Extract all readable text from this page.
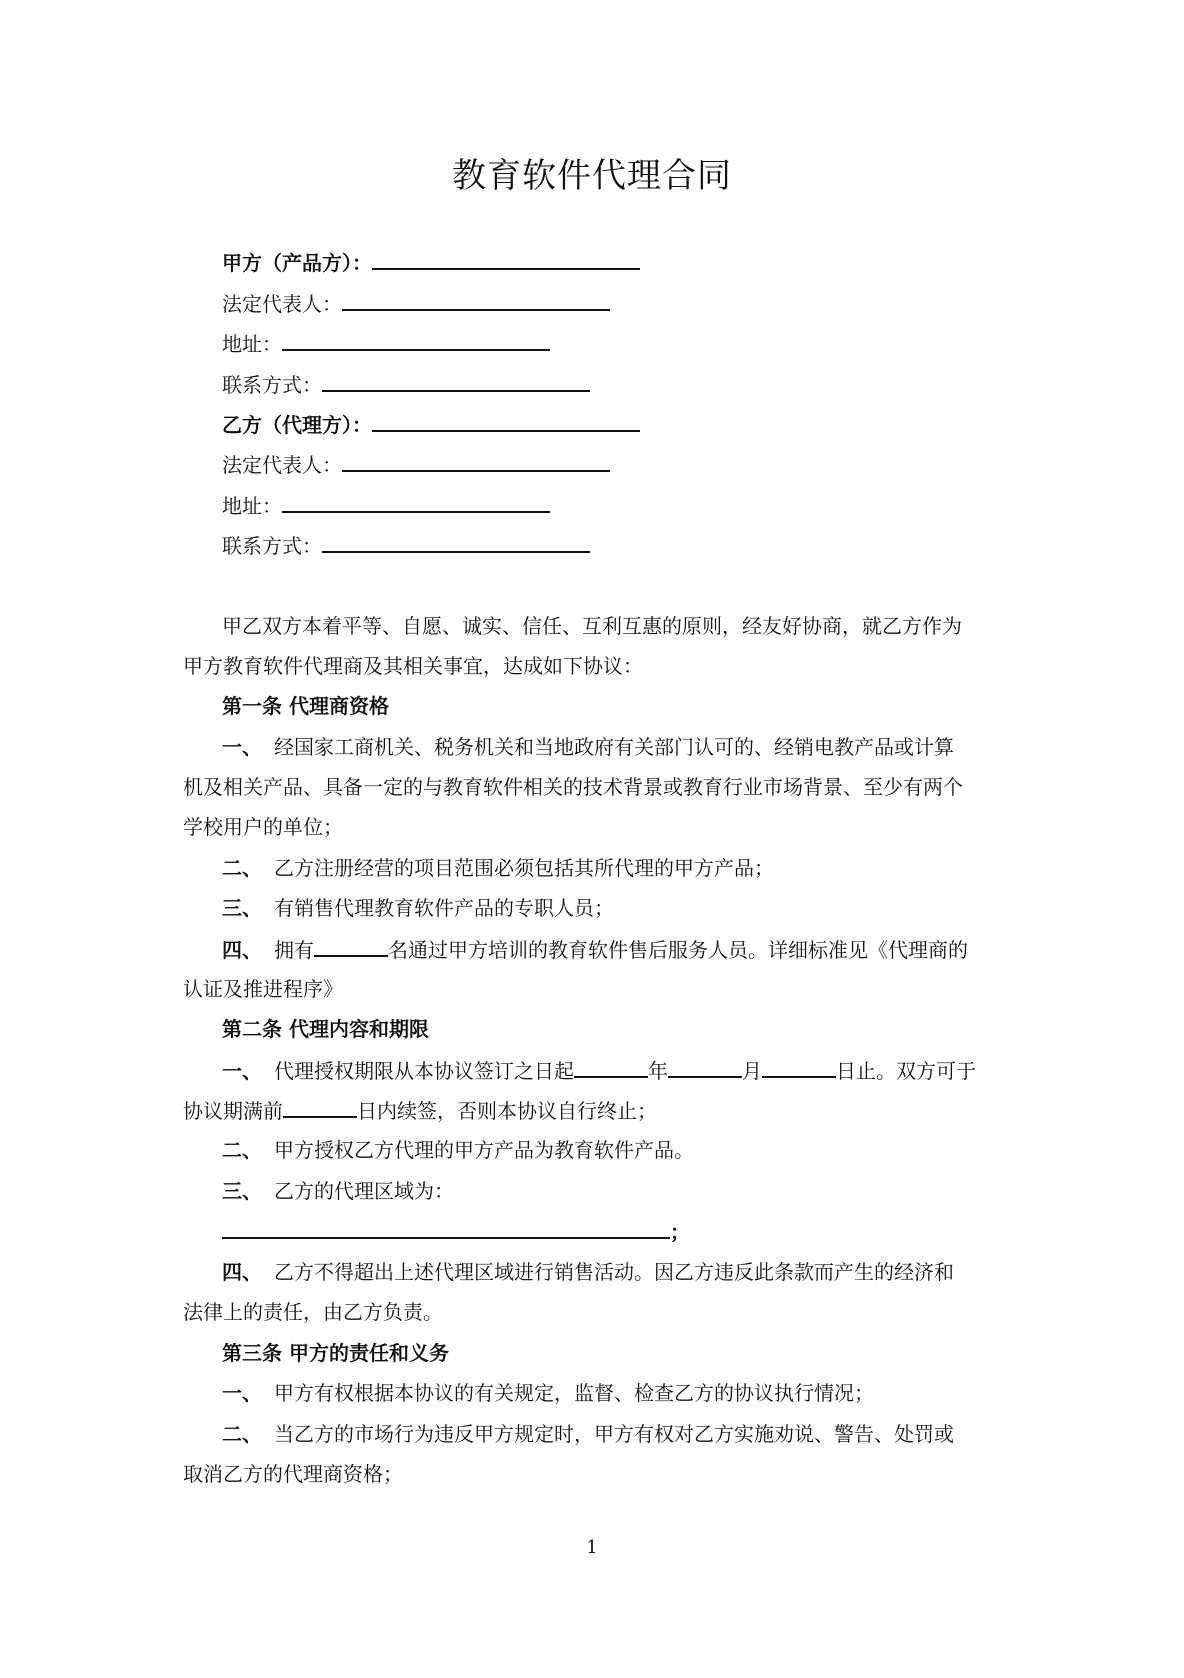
教育软件代理合同
甲方（产品方）：
法定代表人：
地址：
联系方式：
乙方（代理方）：
法定代表人：
地址：
联系方式：
甲乙双方本着平等、自愿、诚实、信任、互利互惠的原则，经友好协商，就乙方作为
甲方教育软件代理商及其相关事宜，达成如下协议：
第一条 代理商资格
一、 经国家工商机关、税务机关和当地政府有关部门认可的、经销电教产品或计算
机及相关产品、具备一定的与教育软件相关的技术背景或教育行业市场背景、至少有两个
学校用户的单位；
二、 乙方注册经营的项目范围必须包括其所代理的甲方产品；
三、 有销售代理教育软件产品的专职人员；
四、 拥有	名通过甲方培训的教育软件售后服务人员。详细标准见《代理商的
认证及推进程序》
第二条 代理内容和期限
一、 代理授权期限从本协议签订之日起	年	月	日止。双方可于
协议期满前	日内续签，否则本协议自行终止；
二、 甲方授权乙方代理的甲方产品为教育软件产品。
三、 乙方的代理区域为：
；
四、 乙方不得超出上述代理区域进行销售活动。因乙方违反此条款而产生的经济和
法律上的责任，由乙方负责。
第三条 甲方的责任和义务
一、 甲方有权根据本协议的有关规定，监督、检查乙方的协议执行情况；
二、 当乙方的市场行为违反甲方规定时，甲方有权对乙方实施劝说、警告、处罚或
取消乙方的代理商资格；
1
